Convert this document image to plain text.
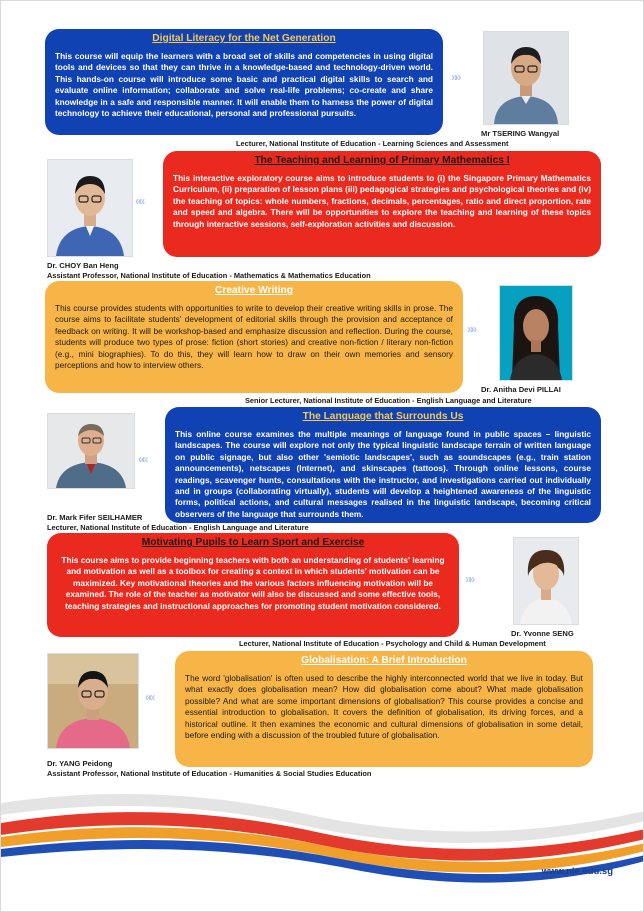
Digital Literacy for the Net Generation

This course will equip the learners with a broad set of skills and competencies in using digital tools and devices so that they can thrive in a knowledge-based and technology-driven world. This hands-on course will introduce some basic and practical digital skills to search and evaluate online information; collaborate and solve real-life problems; co-create and share knowledge in a safe and responsible manner. It will enable them to harness the power of digital technology to achieve their educational, personal and professional pursuits.

»»
Mr TSERING Wangyal
Lecturer, National Institute of Education - Learning Sciences and Assessment
««
The Teaching and Learning of Primary Mathematics I

This interactive exploratory course aims to introduce students to (i) the Singapore Primary Mathematics Curriculum, (ii) preparation of lesson plans (iii) pedagogical strategies and psychological theories and (iv) the teaching of topics: whole numbers, fractions, decimals, percentages, ratio and direct proportion, rate and speed and algebra. There will be opportunities to explore the teaching and learning of these topics through interactive sessions, self-exploration activities and discussion.

Dr. CHOY Ban Heng
Assistant Professor, National Institute of Education - Mathematics & Mathematics Education
Creative Writing

This course provides students with opportunities to write to develop their creative writing skills in prose. The course aims to facilitate students' development of editorial skills through the provision and acceptance of feedback on writing. It will be workshop-based and emphasize discussion and reflection. During the course, students will produce two types of prose: fiction (short stories) and creative non-fiction / literary non-fiction (e.g., mini biographies). To do this, they will learn how to draw on their own memories and sensory perceptions and how to interview others.

»»
Dr. Anitha Devi PILLAI
Senior Lecturer, National Institute of Education - English Language and Literature
««
The Language that Surrounds Us

This online course examines the multiple meanings of language found in public spaces – linguistic landscapes. The course will explore not only the typical linguistic landscape terrain of written language on public signage, but also other 'semiotic landscapes', such as soundscapes (e.g., train station announcements), netscapes (Internet), and skinscapes (tattoos). Through online lessons, course readings, scavenger hunts, consultations with the instructor, and investigations carried out individually and in groups (collaborating virtually), students will develop a heightened awareness of the linguistic forms, political actions, and cultural messages realised in the linguistic landscape, becoming critical observers of the language that surrounds them.

Dr. Mark Fifer SEILHAMER
Lecturer, National Institute of Education - English Language and Literature
Motivating Pupils to Learn Sport and Exercise

This course aims to provide beginning teachers with both an understanding of students' learning and motivation as well as a toolbox for creating a context in which students' motivation can be maximized. Key motivational theories and the various factors influencing motivation will be examined. The role of the teacher as motivator will also be discussed and some effective tools, teaching strategies and instructional approaches for promoting student motivation considered.

»»
Dr. Yvonne SENG
Lecturer, National Institute of Education - Psychology and Child & Human Development
««
Globalisation: A Brief Introduction

The word 'globalisation' is often used to describe the highly interconnected world that we live in today. But what exactly does globalisation mean? How did globalisation come about? What made globalisation possible? And what are some important dimensions of globalisation? This course provides a concise and essential introduction to globalisation. It covers the definition of globalisation, its driving forces, and a historical outline. It then examines the economic and cultural dimensions of globalisation in some detail, before ending with a discussion of the troubled future of globalisation.

Dr. YANG Peidong
Assistant Professor, National Institute of Education - Humanities & Social Studies Education
www.nie.edu.sg
